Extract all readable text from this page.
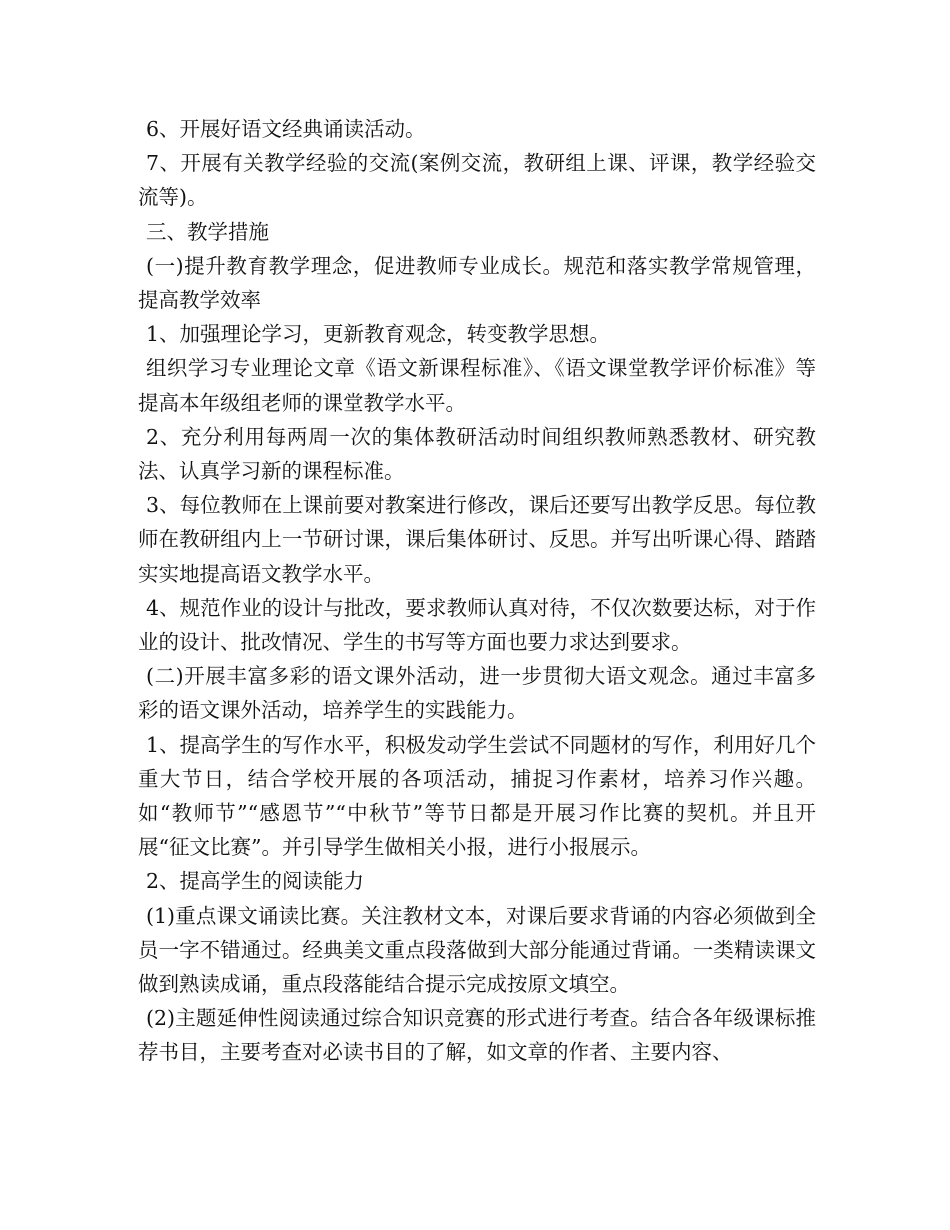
6、开展好语文经典诵读活动。

7、开展有关教学经验的交流(案例交流，教研组上课、评课，教学经验交流等)。

三、教学措施

(一)提升教育教学理念，促进教师专业成长。规范和落实教学常规管理，提高教学效率

1、加强理论学习，更新教育观念，转变教学思想。

组织学习专业理论文章《语文新课程标准》、《语文课堂教学评价标准》等提高本年级组老师的课堂教学水平。

2、充分利用每两周一次的集体教研活动时间组织教师熟悉教材、研究教法、认真学习新的课程标准。

3、每位教师在上课前要对教案进行修改，课后还要写出教学反思。每位教师在教研组内上一节研讨课，课后集体研讨、反思。并写出听课心得、踏踏实实地提高语文教学水平。

4、规范作业的设计与批改，要求教师认真对待，不仅次数要达标，对于作业的设计、批改情况、学生的书写等方面也要力求达到要求。

(二)开展丰富多彩的语文课外活动，进一步贯彻大语文观念。通过丰富多彩的语文课外活动，培养学生的实践能力。

1、提高学生的写作水平，积极发动学生尝试不同题材的写作，利用好几个重大节日，结合学校开展的各项活动，捕捉习作素材，培养习作兴趣。如“教师节”“感恩节”“中秋节”等节日都是开展习作比赛的契机。并且开展“征文比赛”。并引导学生做相关小报，进行小报展示。

2、提高学生的阅读能力

(1)重点课文诵读比赛。关注教材文本，对课后要求背诵的内容必须做到全员一字不错通过。经典美文重点段落做到大部分能通过背诵。一类精读课文做到熟读成诵，重点段落能结合提示完成按原文填空。

(2)主题延伸性阅读通过综合知识竞赛的形式进行考查。结合各年级课标推荐书目，主要考查对必读书目的了解，如文章的作者、主要内容、
